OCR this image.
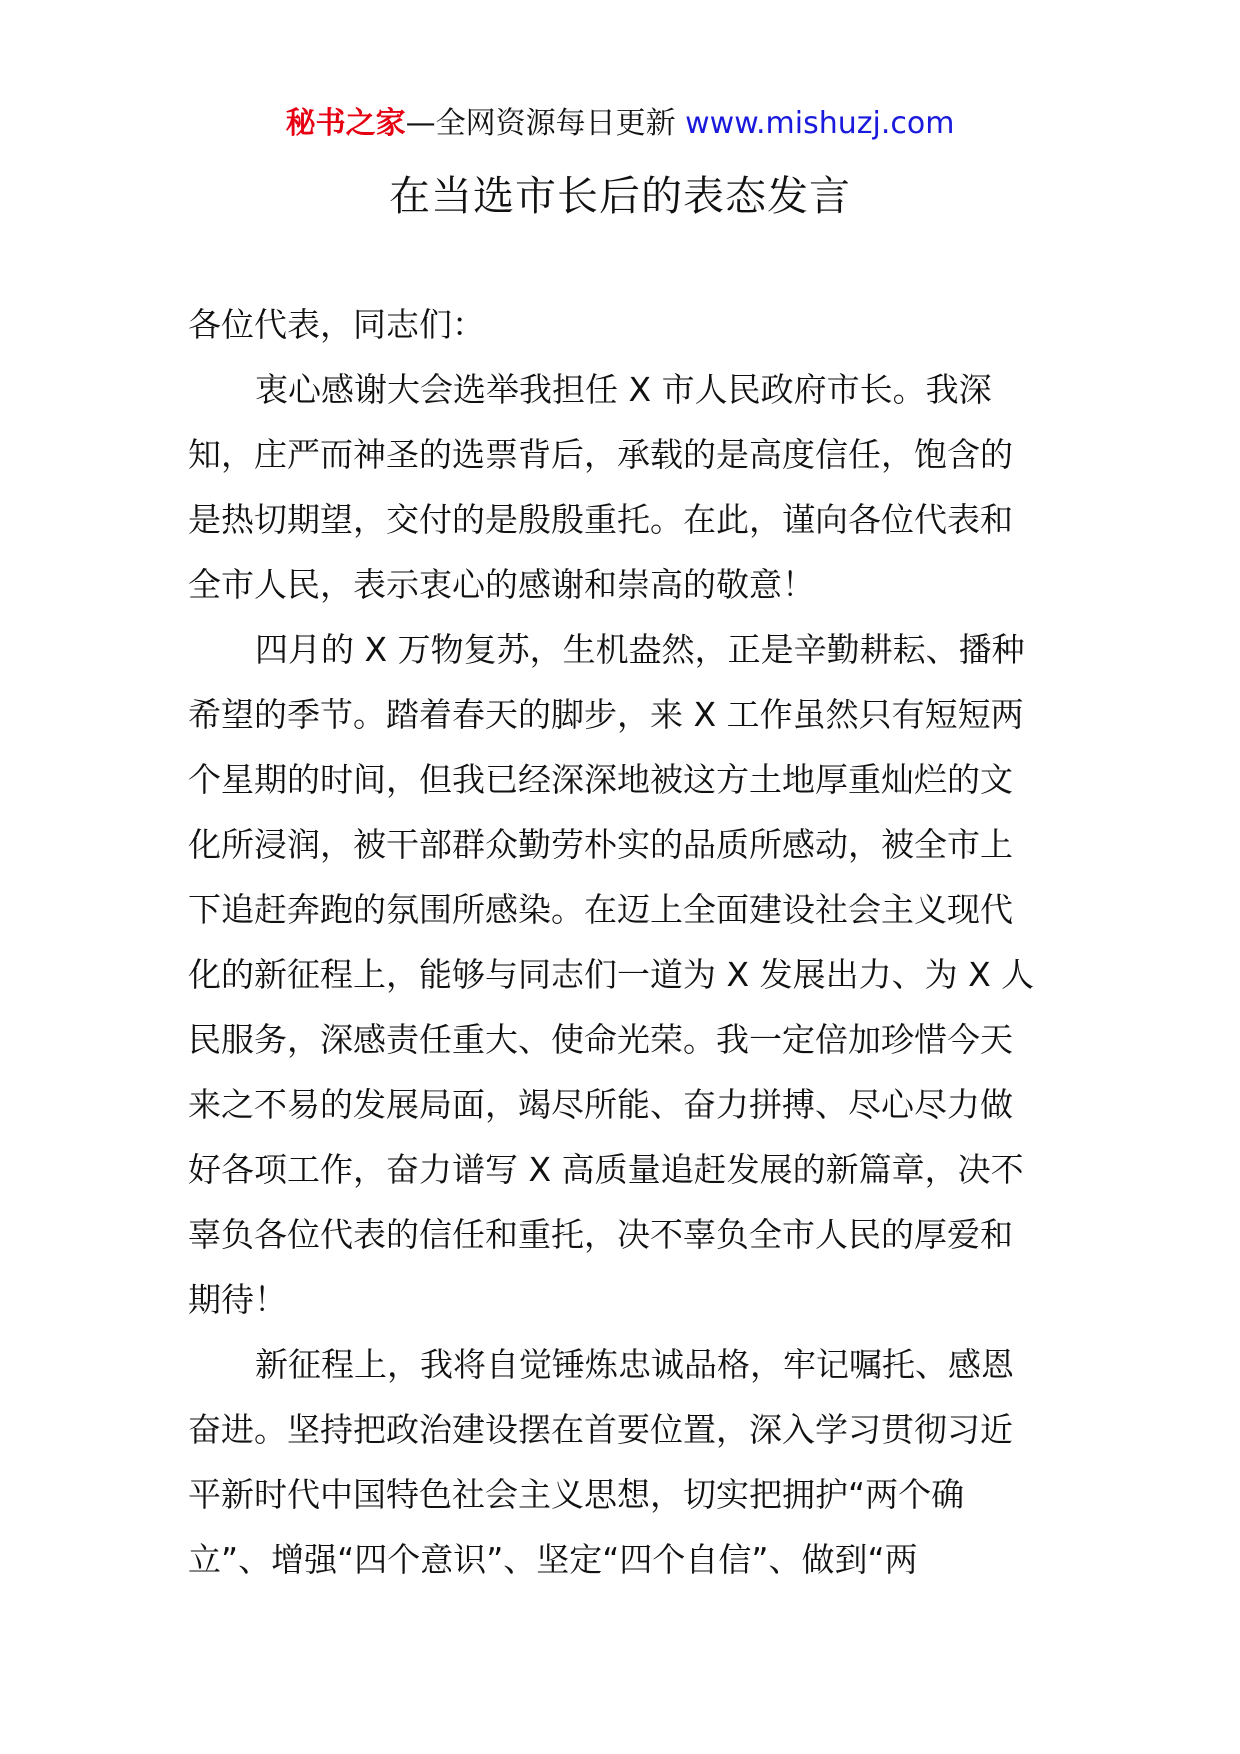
秘书之家—全网资源每日更新 www.mishuzj.com
在当选市长后的表态发言
各位代表，同志们：
衷心感谢大会选举我担任 X 市人民政府市长。我深
知，庄严而神圣的选票背后，承载的是高度信任，饱含的
是热切期望，交付的是殷殷重托。在此，谨向各位代表和
全市人民，表示衷心的感谢和崇高的敬意！
四月的 X 万物复苏，生机盎然，正是辛勤耕耘、播种
希望的季节。踏着春天的脚步，来 X 工作虽然只有短短两
个星期的时间，但我已经深深地被这方土地厚重灿烂的文
化所浸润，被干部群众勤劳朴实的品质所感动，被全市上
下追赶奔跑的氛围所感染。在迈上全面建设社会主义现代
化的新征程上，能够与同志们一道为 X 发展出力、为 X 人
民服务，深感责任重大、使命光荣。我一定倍加珍惜今天
来之不易的发展局面，竭尽所能、奋力拼搏、尽心尽力做
好各项工作，奋力谱写 X 高质量追赶发展的新篇章，决不
辜负各位代表的信任和重托，决不辜负全市人民的厚爱和
期待！
新征程上，我将自觉锤炼忠诚品格，牢记嘱托、感恩
奋进。坚持把政治建设摆在首要位置，深入学习贯彻习近
平新时代中国特色社会主义思想，切实把拥护“两个确
立”、增强“四个意识”、坚定“四个自信”、做到“两
